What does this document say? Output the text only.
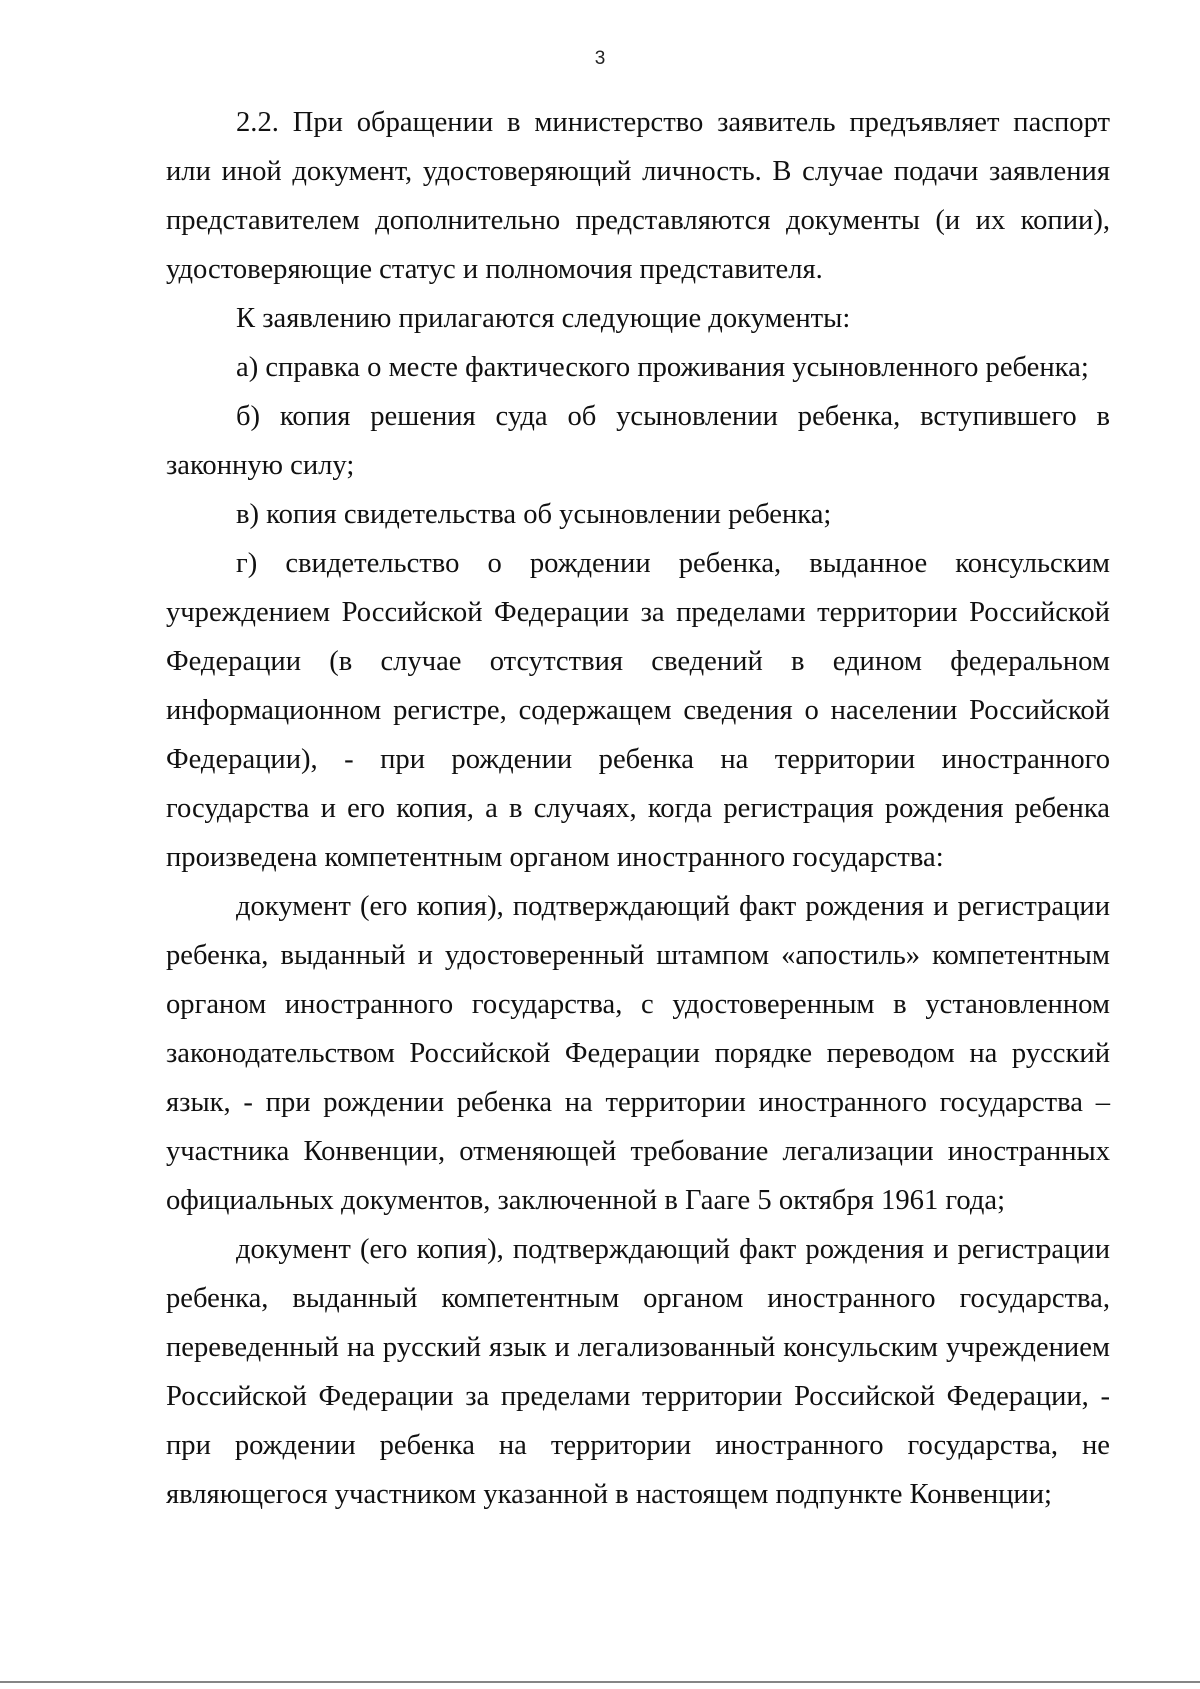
3

2.2. При обращении в министерство заявитель предъявляет паспорт или иной документ, удостоверяющий личность. В случае подачи заявления представителем дополнительно представляются документы (и их копии), удостоверяющие статус и полномочия представителя.

К заявлению прилагаются следующие документы:

а) справка о месте фактического проживания усыновленного ребенка;

б) копия решения суда об усыновлении ребенка, вступившего в законную силу;

в) копия свидетельства об усыновлении ребенка;

г) свидетельство о рождении ребенка, выданное консульским учреждением Российской Федерации за пределами территории Российской Федерации (в случае отсутствия сведений в едином федеральном информационном регистре, содержащем сведения о населении Российской Федерации), - при рождении ребенка на территории иностранного государства и его копия, а в случаях, когда регистрация рождения ребенка произведена компетентным органом иностранного государства:

документ (его копия), подтверждающий факт рождения и регистрации ребенка, выданный и удостоверенный штампом «апостиль» компетентным органом иностранного государства, с удостоверенным в установленном законодательством Российской Федерации порядке переводом на русский язык, - при рождении ребенка на территории иностранного государства – участника Конвенции, отменяющей требование легализации иностранных официальных документов, заключенной в Гааге 5 октября 1961 года;

документ (его копия), подтверждающий факт рождения и регистрации ребенка, выданный компетентным органом иностранного государства, переведенный на русский язык и легализованный консульским учреждением Российской Федерации за пределами территории Российской Федерации, - при рождении ребенка на территории иностранного государства, не являющегося участником указанной в настоящем подпункте Конвенции;
